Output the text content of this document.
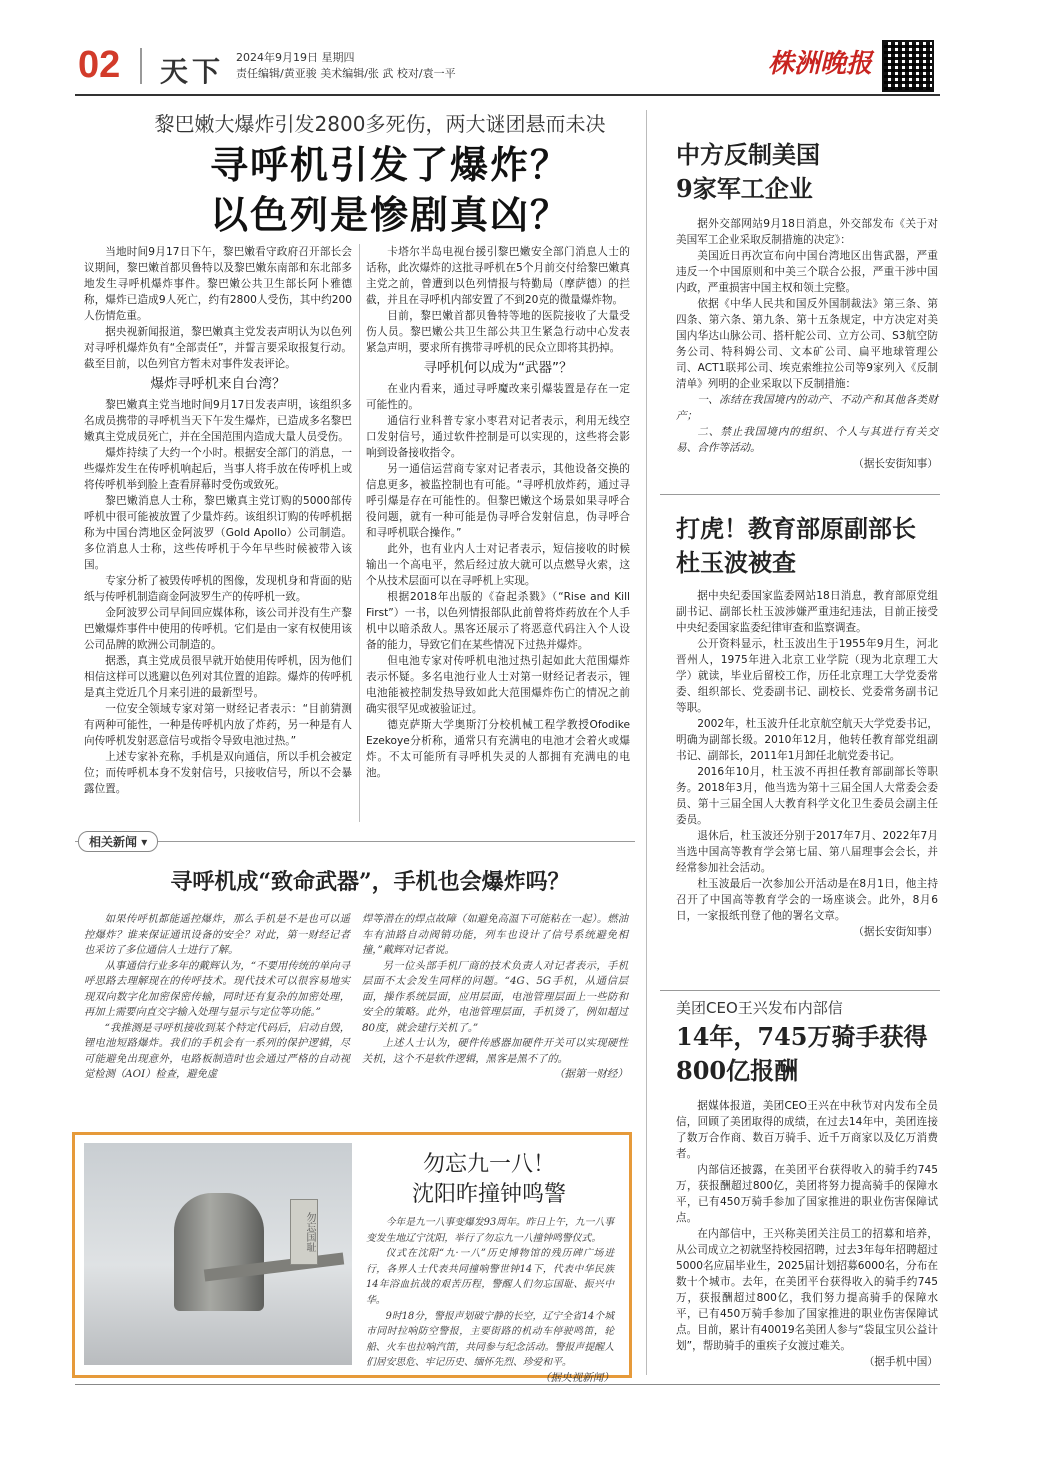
02 天下 2024年9月19日 星期四
责任编辑/黄亚骏 美术编辑/张 武 校对/袁一平	株洲晚报
黎巴嫩大爆炸引发2800多死伤，两大谜团悬而未决
寻呼机引发了爆炸？
以色列是惨剧真凶？

当地时间9月17日下午，黎巴嫩看守政府召开部长会议期间，黎巴嫩首都贝鲁特以及黎巴嫩东南部和东北部多地发生寻呼机爆炸事件。黎巴嫩公共卫生部长阿卜雅德称，爆炸已造成9人死亡，约有2800人受伤，其中约200人伤情危重。

据央视新闻报道，黎巴嫩真主党发表声明认为以色列对寻呼机爆炸负有“全部责任”，并誓言要采取报复行动。截至目前，以色列官方暂未对事件发表评论。

爆炸寻呼机来自台湾？

黎巴嫩真主党当地时间9月17日发表声明，该组织多名成员携带的寻呼机当天下午发生爆炸，已造成多名黎巴嫩真主党成员死亡，并在全国范围内造成大量人员受伤。

爆炸持续了大约一个小时。根据安全部门的消息，一些爆炸发生在传呼机响起后，当事人将手放在传呼机上或将传呼机举到脸上查看屏幕时受伤或致死。

黎巴嫩消息人士称，黎巴嫩真主党订购的5000部传呼机中很可能被放置了少量炸药。该组织订购的传呼机据称为中国台湾地区金阿波罗（Gold Apollo）公司制造。多位消息人士称，这些传呼机于今年早些时候被带入该国。

专家分析了被毁传呼机的图像，发现机身和背面的贴纸与传呼机制造商金阿波罗生产的传呼机一致。

金阿波罗公司早间回应媒体称，该公司并没有生产黎巴嫩爆炸事件中使用的传呼机。它们是由一家有权使用该公司品牌的欧洲公司制造的。

据悉，真主党成员很早就开始使用传呼机，因为他们相信这样可以逃避以色列对其位置的追踪。爆炸的传呼机是真主党近几个月来引进的最新型号。

一位安全领域专家对第一财经记者表示：“目前猜测有两种可能性，一种是传呼机内放了炸药，另一种是有人向传呼机发射恶意信号或指令导致电池过热。”

上述专家补充称，手机是双向通信，所以手机会被定位；而传呼机本身不发射信号，只接收信号，所以不会暴露位置。

卡塔尔半岛电视台援引黎巴嫩安全部门消息人士的话称，此次爆炸的这批寻呼机在5个月前交付给黎巴嫩真主党之前，曾遭到以色列情报与特勤局（摩萨德）的拦截，并且在寻呼机内部安置了不到20克的微量爆炸物。

目前，黎巴嫩首都贝鲁特等地的医院接收了大量受伤人员。黎巴嫩公共卫生部公共卫生紧急行动中心发表紧急声明，要求所有携带寻呼机的民众立即将其扔掉。

寻呼机何以成为“武器”？

在业内看来，通过寻呼魔改来引爆装置是存在一定可能性的。

通信行业科普专家小枣君对记者表示，利用无线空口发射信号，通过软件控制是可以实现的，这些将会影响到设备接收指令。

另一通信运营商专家对记者表示，其他设备交换的信息更多，被监控制也有可能。“寻呼机放炸药，通过寻呼引爆是存在可能性的。但黎巴嫩这个场景如果寻呼合役问题，就有一种可能是伪寻呼合发射信息，伪寻呼合和寻呼机联合操作。”

此外，也有业内人士对记者表示，短信接收的时候输出一个高电平，然后经过放大就可以点燃导火索，这个从技术层面可以在寻呼机上实现。

根据2018年出版的《奋起杀戮》（“Rise and Kill First”）一书，以色列情报部队此前曾将炸药放在个人手机中以暗杀敌人。黑客还展示了将恶意代码注入个人设备的能力，导致它们在某些情况下过热并爆炸。

但电池专家对传呼机电池过热引起如此大范围爆炸表示怀疑。多名电池行业人士对第一财经记者表示，锂电池能被控制发热导致如此大范围爆炸伤亡的情况之前确实很罕见或被验证过。

德克萨斯大学奥斯汀分校机械工程学教授Ofodike Ezekoye分析称，通常只有充满电的电池才会着火或爆炸。不太可能所有寻呼机失灵的人都拥有充满电的电池。

相关新闻 ▾
寻呼机成“致命武器”，手机也会爆炸吗？

如果传呼机都能遥控爆炸，那么手机是不是也可以遥控爆炸？谁来保证通讯设备的安全？对此，第一财经记者也采访了多位通信人士进行了解。

从事通信行业多年的戴辉认为，“不要用传统的单向寻呼思路去理解现在的传呼技术。现代技术可以很容易地实现双向数字化加密保密传输，同时还有复杂的加密处理，再加上需要向直交字输入处理与显示与定位等功能。”

“我推测是寻呼机接收到某个特定代码后，启动自毁，锂电池短路爆炸。我们的手机会有一系列的保护逻辑，尽可能避免出现意外，电路板制造时也会通过严格的自动视觉检测（AOI）检查，避免虚

焊等潜在的焊点故障（如避免高温下可能粘在一起）。燃油车有油路自动阀销功能，列车也设计了信号系统避免相撞，”戴辉对记者说。

另一位头部手机厂商的技术负责人对记者表示，手机层面不太会发生同样的问题。“4G、5G手机，从通信层面，操作系统层面，应用层面，电池管理层面上一些防和安全的策略。此外，电池管理层面，手机烫了，例如超过80度，就会建行关机了。”

上述人士认为，硬件传感器加硬件开关可以实现硬性关机，这个不是软件逻辑，黑客是黑不了的。

（据第一财经）
勿忘国耻
勿忘九一八！
沈阳昨撞钟鸣警

今年是九一八事变爆发93周年。昨日上午，九一八事变发生地辽宁沈阳，举行了勿忘九一八撞钟鸣警仪式。

仪式在沈阳“九·一八”历史博物馆的残历碑广场进行，各界人士代表共同撞响警世钟14下，代表中华民族14年浴血抗战的艰苦历程，警醒人们勿忘国耻、振兴中华。

9时18分，警报声划破宁静的长空，辽宁全省14个城市同时拉响防空警报，主要街路的机动车停驶鸣笛，轮船、火车也拉响汽笛，共同参与纪念活动。警报声提醒人们居安思危、牢记历史、缅怀先烈、珍爱和平。

（据央视新闻）
中方反制美国
9家军工企业

据外交部网站9月18日消息，外交部发布《关于对美国军工企业采取反制措施的决定》：

美国近日再次宣布向中国台湾地区出售武器，严重违反一个中国原则和中美三个联合公报，严重干涉中国内政，严重损害中国主权和领土完整。

依据《中华人民共和国反外国制裁法》第三条、第四条、第六条、第九条、第十五条规定，中方决定对美国内华达山脉公司、搭杆舵公司、立方公司、S3航空防务公司、特科姆公司、文本矿公司、扁平地球管理公司、ACT1联邦公司、埃克索维拉公司等9家列入《反制清单》列明的企业采取以下反制措施：

一、冻结在我国境内的动产、不动产和其他各类财产；

二、禁止我国境内的组织、个人与其进行有关交易、合作等活动。

（据长安街知事）
打虎！教育部原副部长
杜玉波被查

据中央纪委国家监委网站18日消息，教育部原党组副书记、副部长杜玉波涉嫌严重违纪违法，目前正接受中央纪委国家监委纪律审查和监察调查。

公开资料显示，杜玉波出生于1955年9月生，河北晋州人，1975年进入北京工业学院（现为北京理工大学）就读，毕业后留校工作，历任北京理工大学党委常委、组织部长、党委副书记、副校长、党委常务副书记等职。

2002年，杜玉波升任北京航空航天大学党委书记，明确为副部长级。2010年12月，他转任教育部党组副书记、副部长，2011年1月卸任北航党委书记。

2016年10月，杜玉波不再担任教育部副部长等职务。2018年3月，他当选为第十三届全国人大常委会委员、第十三届全国人大教育科学文化卫生委员会副主任委员。

退休后，杜玉波还分别于2017年7月、2022年7月当选中国高等教育学会第七届、第八届理事会会长，并经常参加社会活动。

杜玉波最后一次参加公开活动是在8月1日，他主持召开了中国高等教育学会的一场座谈会。此外，8月6日，一家报纸刊登了他的署名文章。

（据长安街知事）
美团CEO王兴发布内部信
14年，745万骑手获得
800亿报酬

据媒体报道，美团CEO王兴在中秋节对内发布全员信，回顾了美团取得的成绩，在过去14年中，美团连接了数万合作商、数百万骑手、近千万商家以及亿万消费者。

内部信还披露，在美团平台获得收入的骑手约745万，获报酬超过800亿，美团将努力提高骑手的保障水平，已有450万骑手参加了国家推进的职业伤害保障试点。

在内部信中，王兴称美团关注员工的招募和培养，从公司成立之初就坚持校园招聘，过去3年每年招聘超过5000名应届毕业生，2025届计划招募6000名，分布在数十个城市。去年，在美团平台获得收入的骑手约745万，获报酬超过800亿，我们努力提高骑手的保障水平，已有450万骑手参加了国家推进的职业伤害保障试点。目前，累计有40019名美团人参与“袋鼠宝贝公益计划”，帮助骑手的重疾子女渡过难关。

（据手机中国）
